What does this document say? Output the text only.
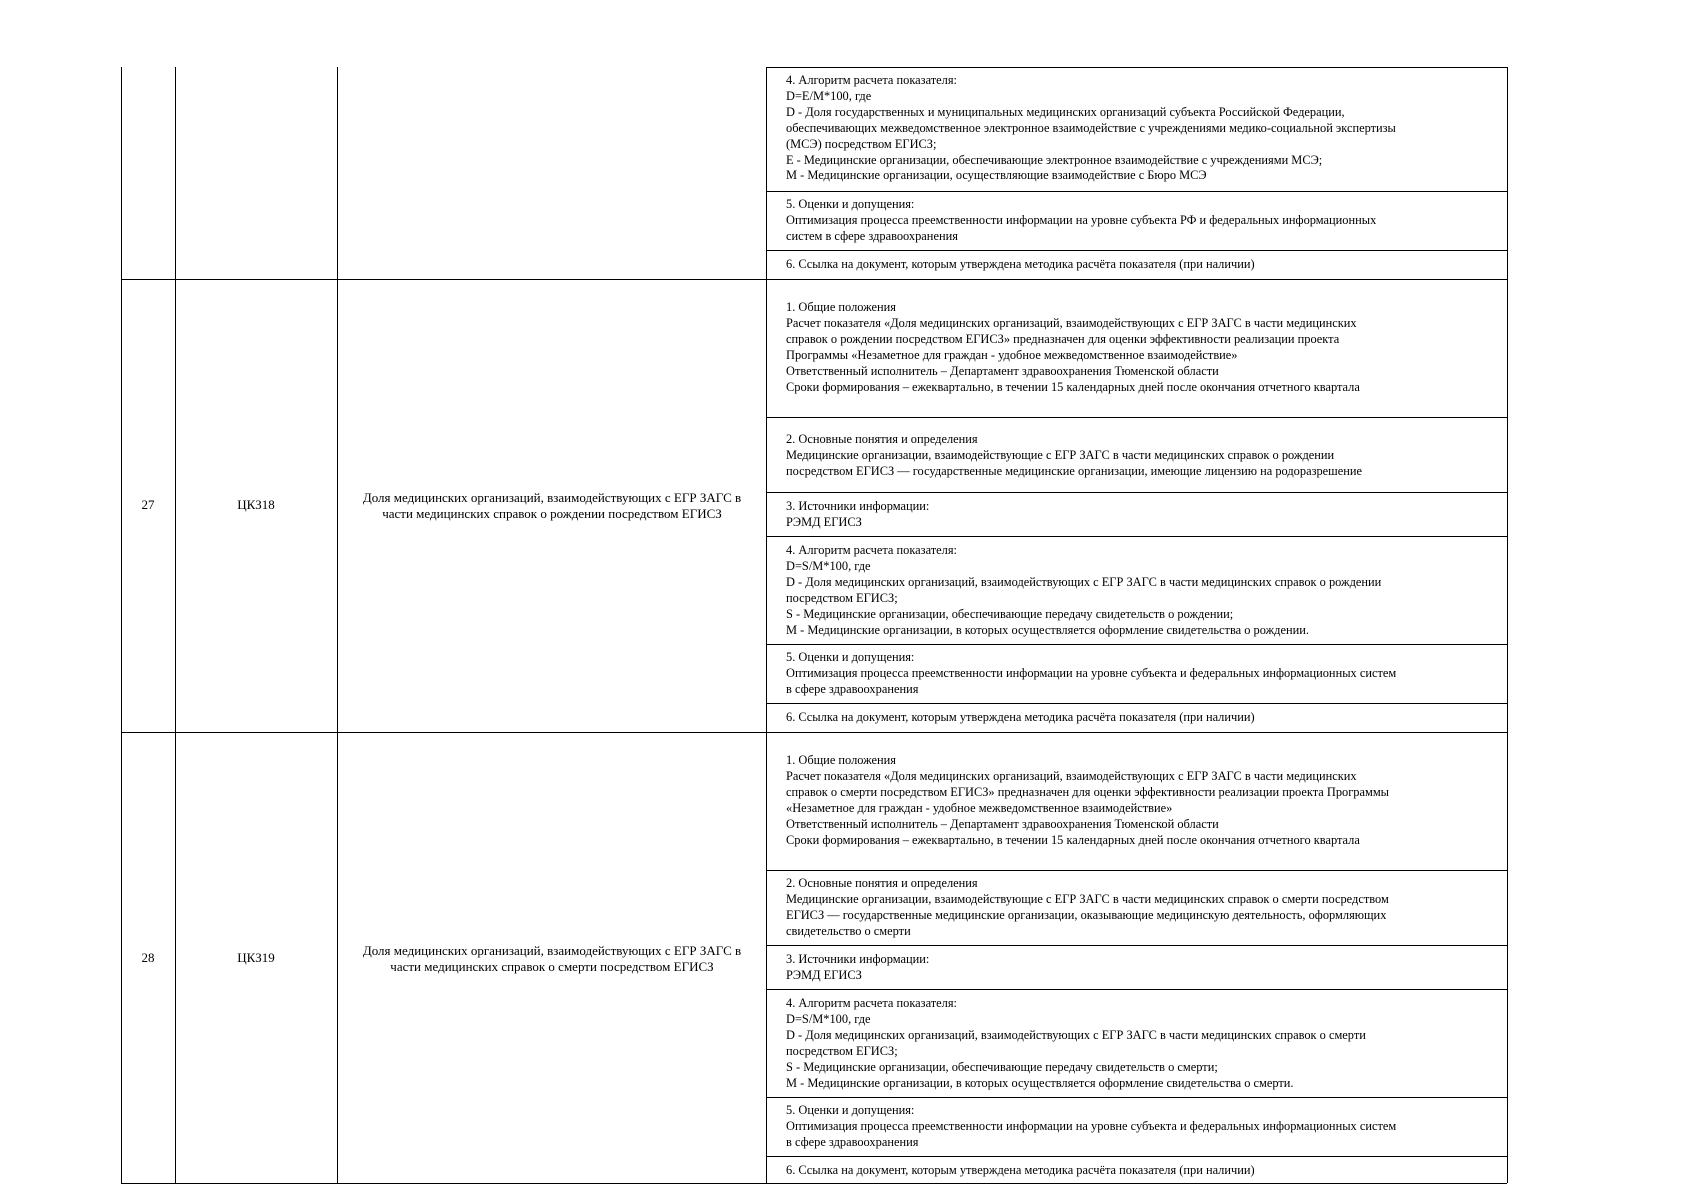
4. Алгоритм расчета показателя:
D=E/M*100, где
D - Доля государственных и муниципальных медицинских организаций субъекта Российской Федерации,
обеспечивающих межведомственное электронное взаимодействие с учреждениями медико-социальной экспертизы
(МСЭ) посредством ЕГИСЗ;
E - Медицинские организации, обеспечивающие электронное взаимодействие с учреждениями МСЭ;
M - Медицинские организации, осуществляющие взаимодействие с Бюро МСЭ
5. Оценки и допущения:
Оптимизация процесса преемственности информации на уровне субъекта РФ и федеральных информационных
систем в сфере здравоохранения
6. Ссылка на документ, которым утверждена методика расчёта показателя (при наличии)
27	ЦКЗ18	Доля медицинских организаций, взаимодействующих с ЕГР ЗАГС в
части медицинских справок о рождении посредством ЕГИСЗ
1. Общие положения
Расчет показателя «Доля медицинских организаций, взаимодействующих с ЕГР ЗАГС в части медицинских
справок о рождении посредством ЕГИСЗ» предназначен для оценки эффективности реализации проекта
Программы «Незаметное для граждан - удобное межведомственное взаимодействие»
Ответственный исполнитель – Департамент здравоохранения Тюменской области
Сроки формирования – ежеквартально, в течении 15 календарных дней после окончания отчетного квартала
2. Основные понятия и определения
Медицинские организации, взаимодействующие с ЕГР ЗАГС в части медицинских справок о рождении
посредством ЕГИСЗ — государственные медицинские организации, имеющие лицензию на родоразрешение
3. Источники информации:
РЭМД ЕГИСЗ
4. Алгоритм расчета показателя:
D=S/M*100, где
D - Доля медицинских организаций, взаимодействующих с ЕГР ЗАГС в части медицинских справок о рождении
посредством ЕГИСЗ;
S - Медицинские организации, обеспечивающие передачу свидетельств о рождении;
M - Медицинские организации, в которых осуществляется оформление свидетельства о рождении.
5. Оценки и допущения:
Оптимизация процесса преемственности информации на уровне субъекта и федеральных информационных систем
в сфере здравоохранения
6. Ссылка на документ, которым утверждена методика расчёта показателя (при наличии)
28	ЦКЗ19	Доля медицинских организаций, взаимодействующих с ЕГР ЗАГС в
части медицинских справок о смерти посредством ЕГИСЗ
1. Общие положения
Расчет показателя «Доля медицинских организаций, взаимодействующих с ЕГР ЗАГС в части медицинских
справок о смерти посредством ЕГИСЗ» предназначен для оценки эффективности реализации проекта Программы
«Незаметное для граждан - удобное межведомственное взаимодействие»
Ответственный исполнитель – Департамент здравоохранения Тюменской области
Сроки формирования – ежеквартально, в течении 15 календарных дней после окончания отчетного квартала
2. Основные понятия и определения
Медицинские организации, взаимодействующие с ЕГР ЗАГС в части медицинских справок о смерти посредством
ЕГИСЗ — государственные медицинские организации, оказывающие медицинскую деятельность, оформляющих
свидетельство о смерти
3. Источники информации:
РЭМД ЕГИСЗ
4. Алгоритм расчета показателя:
D=S/M*100, где
D - Доля медицинских организаций, взаимодействующих с ЕГР ЗАГС в части медицинских справок о смерти
посредством ЕГИСЗ;
S - Медицинские организации, обеспечивающие передачу свидетельств о смерти;
M - Медицинские организации, в которых осуществляется оформление свидетельства о смерти.
5. Оценки и допущения:
Оптимизация процесса преемственности информации на уровне субъекта и федеральных информационных систем
в сфере здравоохранения
6. Ссылка на документ, которым утверждена методика расчёта показателя (при наличии)
